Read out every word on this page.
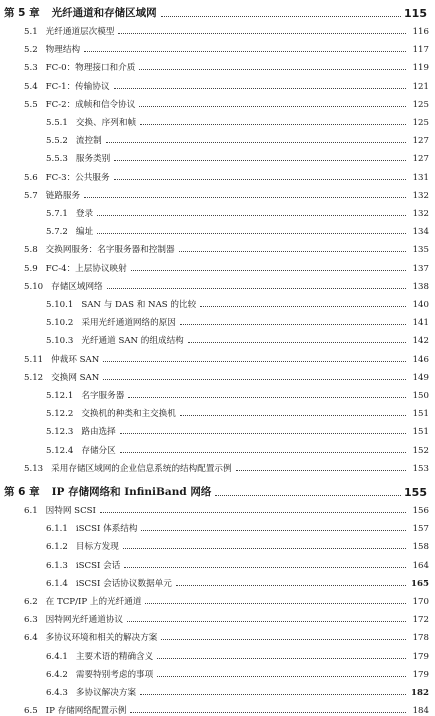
第 5 章	光纤通道和存储区域网	115
5.1 光纤通道层次模型	116
5.2 物理结构	117
5.3 FC-0：物理接口和介质	119
5.4 FC-1：传输协议	121
5.5 FC-2：成帧和信令协议	125
5.5.1 交换、序列和帧	125
5.5.2 流控制	127
5.5.3 服务类别	127
5.6 FC-3：公共服务	131
5.7 链路服务	132
5.7.1 登录	132
5.7.2 编址	134
5.8 交换网服务：名字服务器和控制器	135
5.9 FC-4：上层协议映射	137
5.10 存储区域网络	138
5.10.1 SAN 与 DAS 和 NAS 的比较	140
5.10.2 采用光纤通道网络的原因	141
5.10.3 光纤通道 SAN 的组成结构	142
5.11 仲裁环 SAN	146
5.12 交换网 SAN	149
5.12.1 名字服务器	150
5.12.2 交换机的种类和主交换机	151
5.12.3 路由选择	151
5.12.4 存储分区	152
5.13 采用存储区域网的企业信息系统的结构配置示例	153
第 6 章	IP 存储网络和 InfiniBand 网络	155
6.1 因特网 SCSI	156
6.1.1 iSCSI 体系结构	157
6.1.2 目标方发现	158
6.1.3 iSCSI 会话	164
6.1.4 iSCSI 会话协议数据单元	165
6.2 在 TCP/IP 上的光纤通道	170
6.3 因特网光纤通道协议	172
6.4 多协议环境和相关的解决方案	178
6.4.1 主要术语的精确含义	179
6.4.2 需要特别考虑的事项	179
6.4.3 多协议解决方案	182
6.5 IP 存储网络配置示例	184
